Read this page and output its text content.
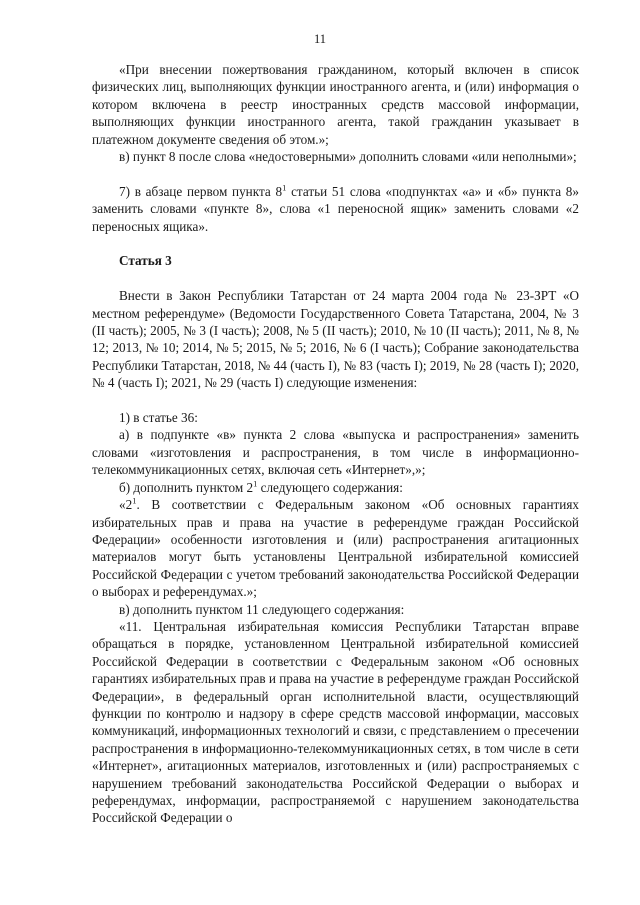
11

«При внесении пожертвования гражданином, который включен в список физических лиц, выполняющих функции иностранного агента, и (или) информация о котором включена в реестр иностранных средств массовой информации, выполняющих функции иностранного агента, такой гражданин указывает в платежном документе сведения об этом.»;

в) пункт 8 после слова «недостоверными» дополнить словами «или неполными»;

7) в абзаце первом пункта $8^1$ статьи 51 слова «подпунктах «а» и «б» пункта 8» заменить словами «пункте 8», слова «1 переносной ящик» заменить словами «2 переносных ящика».

Статья 3

Внести в Закон Республики Татарстан от 24 марта 2004 года № 23-ЗРТ «О местном референдуме» (Ведомости Государственного Совета Татарстана, 2004, № 3 (II часть); 2005, № 3 (I часть); 2008, № 5 (II часть); 2010, № 10 (II часть); 2011, № 8, № 12; 2013, № 10; 2014, № 5; 2015, № 5; 2016, № 6 (I часть); Собрание законодательства Республики Татарстан, 2018, № 44 (часть I), № 83 (часть I); 2019, № 28 (часть I); 2020, № 4 (часть I); 2021, № 29 (часть I) следующие изменения:

1) в статье 36:

а) в подпункте «в» пункта 2 слова «выпуска и распространения» заменить словами «изготовления и распространения, в том числе в информационно-телекоммуникационных сетях, включая сеть «Интернет»,»;

б) дополнить пунктом $2^1$ следующего содержания:

«$2^1$. В соответствии с Федеральным законом «Об основных гарантиях избирательных прав и права на участие в референдуме граждан Российской Федерации» особенности изготовления и (или) распространения агитационных материалов могут быть установлены Центральной избирательной комиссией Российской Федерации с учетом требований законодательства Российской Федерации о выборах и референдумах.»;

в) дополнить пунктом 11 следующего содержания:

«11. Центральная избирательная комиссия Республики Татарстан вправе обращаться в порядке, установленном Центральной избирательной комиссией Российской Федерации в соответствии с Федеральным законом «Об основных гарантиях избирательных прав и права на участие в референдуме граждан Российской Федерации», в федеральный орган исполнительной власти, осуществляющий функции по контролю и надзору в сфере средств массовой информации, массовых коммуникаций, информационных технологий и связи, с представлением о пресечении распространения в информационно-телекоммуникационных сетях, в том числе в сети «Интернет», агитационных материалов, изготовленных и (или) распространяемых с нарушением требований законодательства Российской Федерации о выборах и референдумах, информации, распространяемой с нарушением законодательства Российской Федерации о
